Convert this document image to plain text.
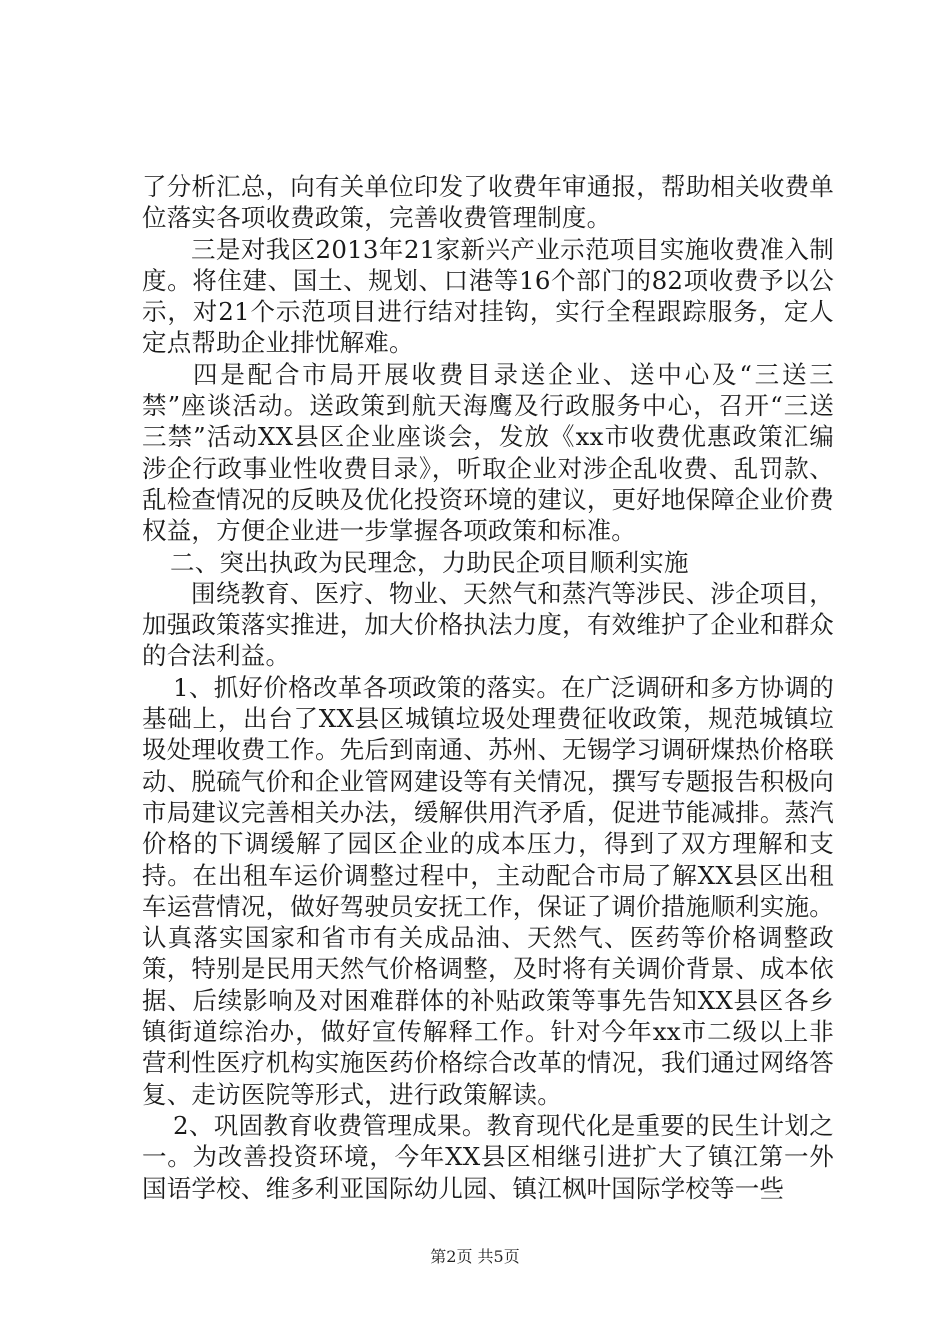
了分析汇总，向有关单位印发了收费年审通报，帮助相关收费单位落实各项收费政策，完善收费管理制度。

三是对我区2013年21家新兴产业示范项目实施收费准入制度。将住建、国土、规划、口港等16个部门的82项收费予以公示，对21个示范项目进行结对挂钩，实行全程跟踪服务，定人定点帮助企业排忧解难。

四是配合市局开展收费目录送企业、送中心及“三送三禁”座谈活动。送政策到航天海鹰及行政服务中心，召开“三送三禁”活动XX县区企业座谈会，发放《xx市收费优惠政策汇编涉企行政事业性收费目录》，听取企业对涉企乱收费、乱罚款、乱检查情况的反映及优化投资环境的建议，更好地保障企业价费权益，方便企业进一步掌握各项政策和标准。

二、突出执政为民理念，力助民企项目顺利实施

围绕教育、医疗、物业、天然气和蒸汽等涉民、涉企项目，加强政策落实推进，加大价格执法力度，有效维护了企业和群众的合法利益。

1、抓好价格改革各项政策的落实。在广泛调研和多方协调的基础上，出台了XX县区城镇垃圾处理费征收政策，规范城镇垃圾处理收费工作。先后到南通、苏州、无锡学习调研煤热价格联动、脱硫气价和企业管网建设等有关情况，撰写专题报告积极向市局建议完善相关办法，缓解供用汽矛盾，促进节能减排。蒸汽价格的下调缓解了园区企业的成本压力，得到了双方理解和支持。在出租车运价调整过程中，主动配合市局了解XX县区出租车运营情况，做好驾驶员安抚工作，保证了调价措施顺利实施。认真落实国家和省市有关成品油、天然气、医药等价格调整政策，特别是民用天然气价格调整，及时将有关调价背景、成本依据、后续影响及对困难群体的补贴政策等事先告知XX县区各乡镇街道综治办，做好宣传解释工作。针对今年xx市二级以上非营利性医疗机构实施医药价格综合改革的情况，我们通过网络答复、走访医院等形式，进行政策解读。

2、巩固教育收费管理成果。教育现代化是重要的民生计划之一。为改善投资环境，今年XX县区相继引进扩大了镇江第一外国语学校、维多利亚国际幼儿园、镇江枫叶国际学校等一些

第2页 共5页
